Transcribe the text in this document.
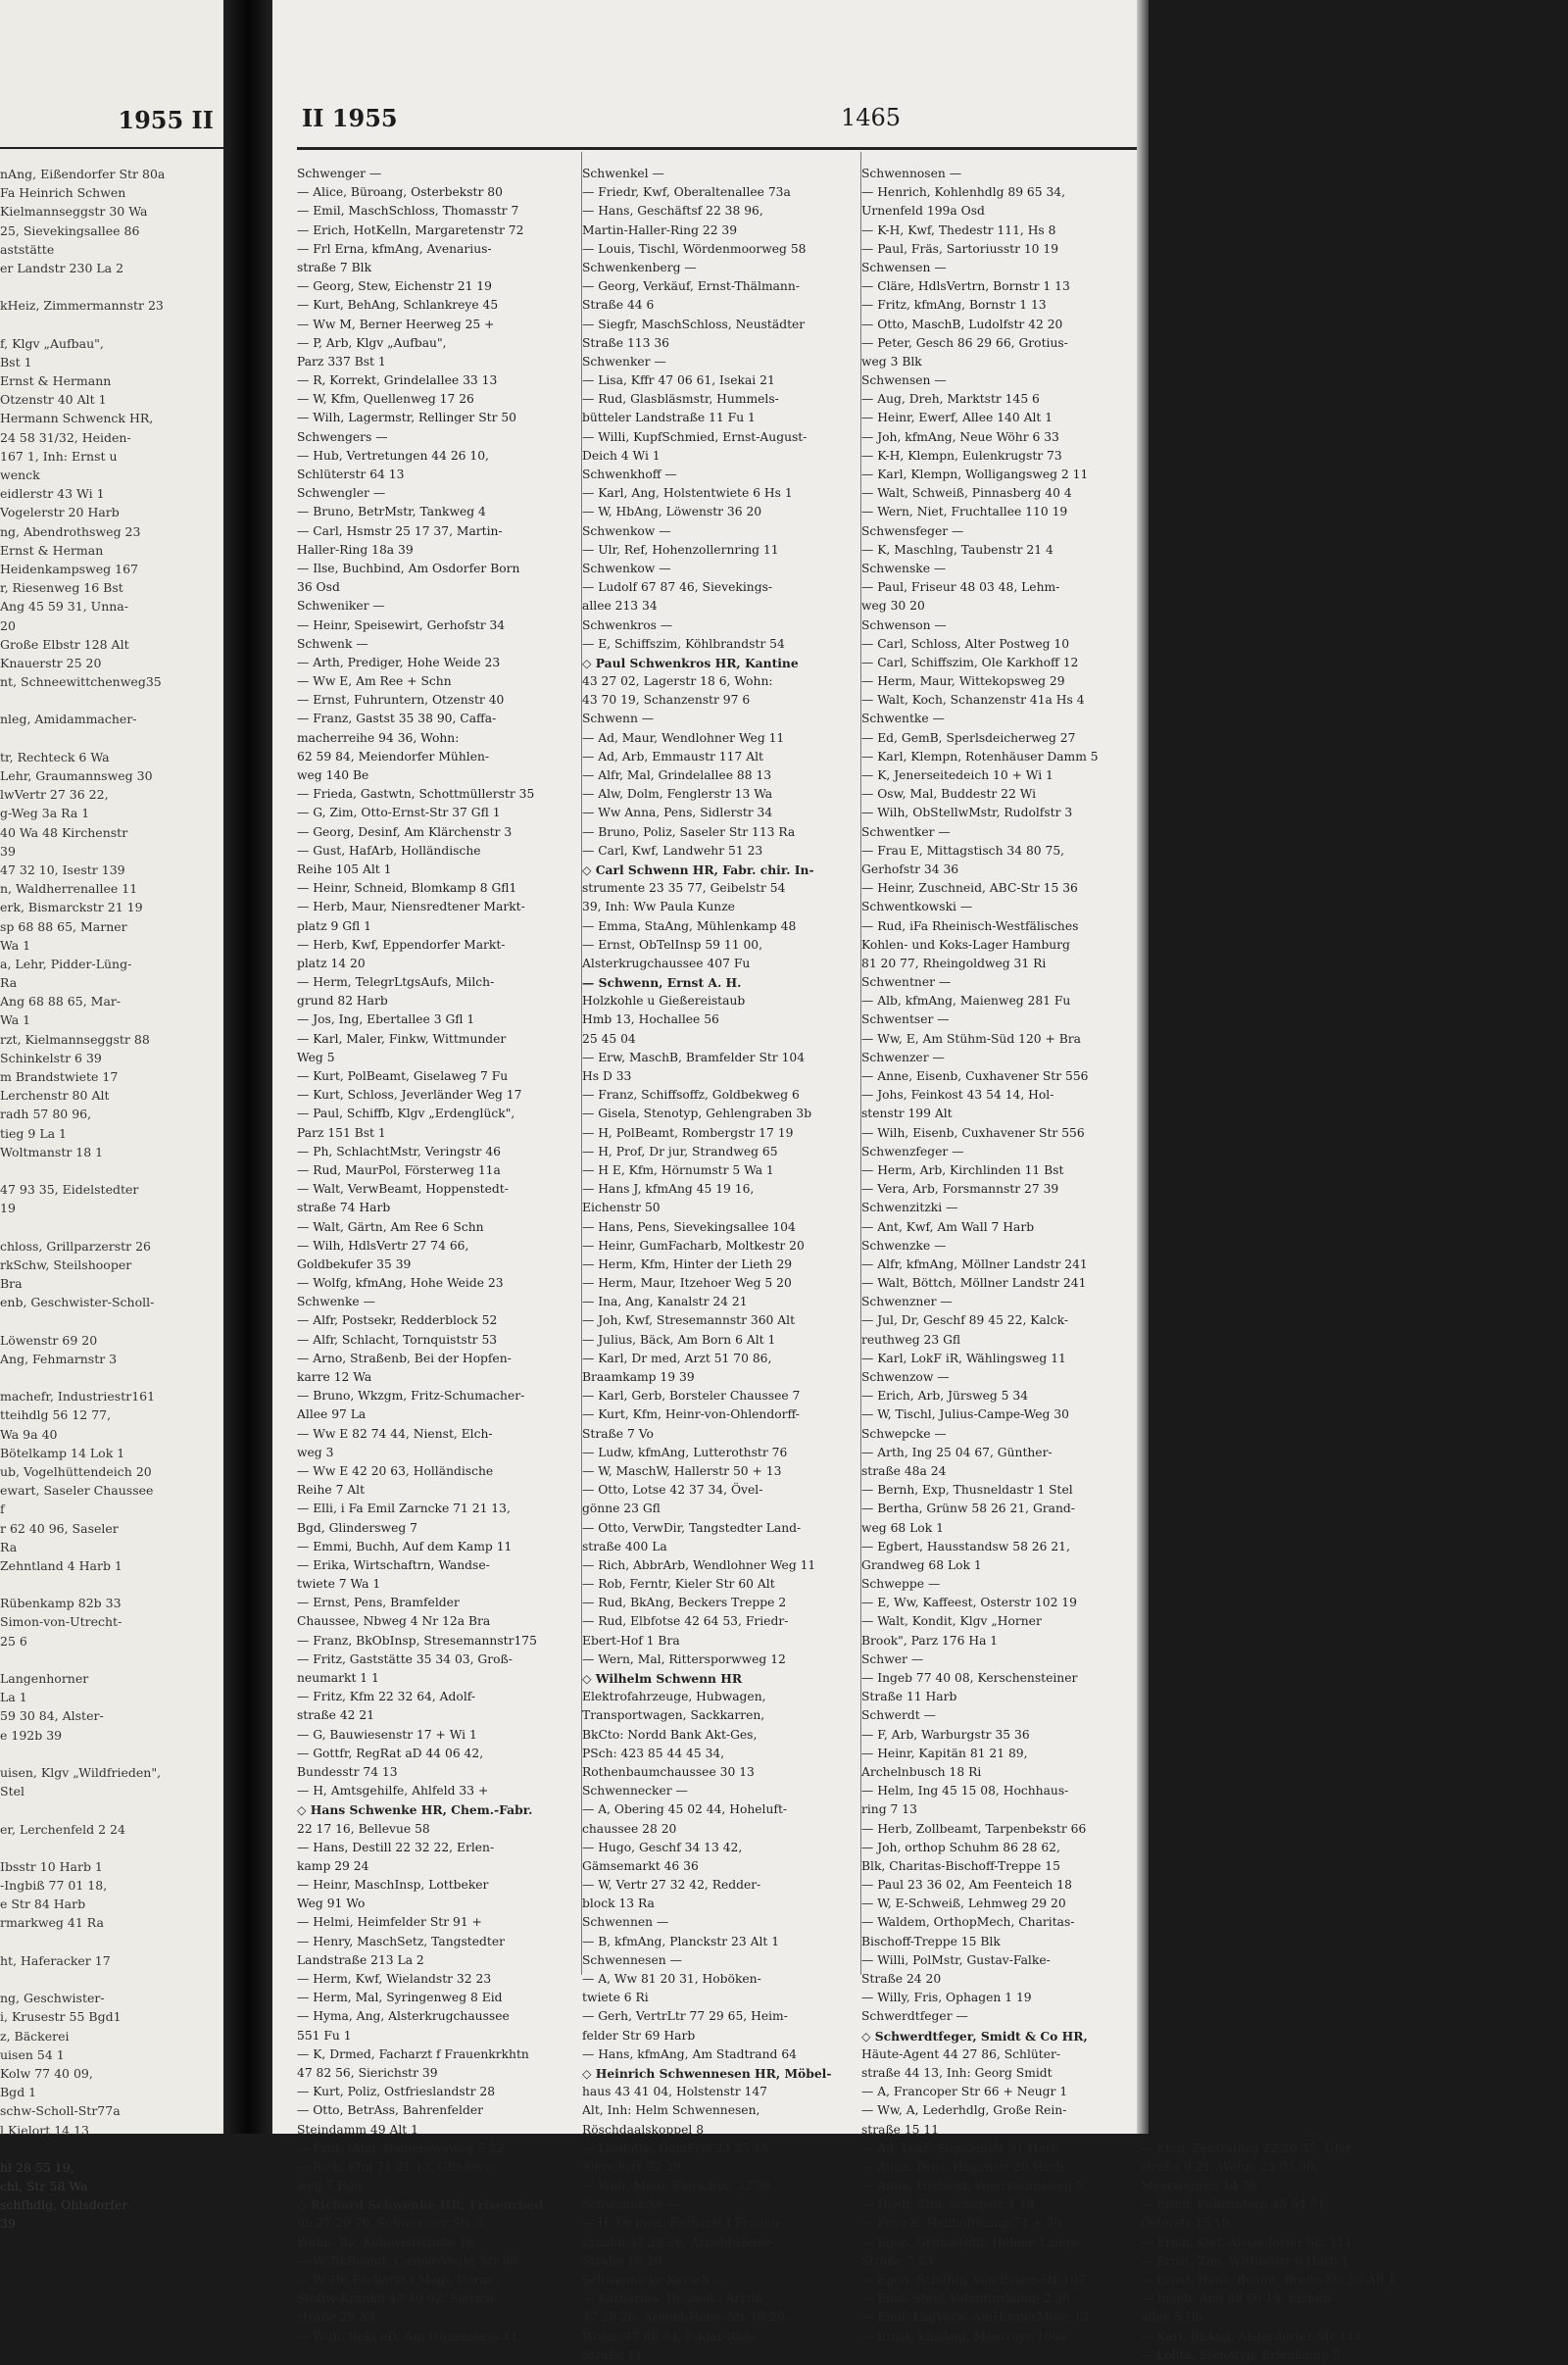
1955 II
nAng, Eißendorfer Str 80a
Fa Heinrich Schwen
Kielmannseggstr 30 Wa
25, Sievekingsallee 86
aststätte
er Landstr 230 La 2
kHeiz, Zimmermannstr 23
f, Klgv „Aufbau",
Bst 1
Ernst & Hermann
Otzenstr 40 Alt 1
Hermann Schwenck HR,
24 58 31/32, Heiden-
167 1, Inh: Ernst u
wenck
eidlerstr 43 Wi 1
Vogelerstr 20 Harb
ng, Abendrothsweg 23
Ernst & Herman
Heidenkampsweg 167
r, Riesenweg 16 Bst
Ang 45 59 31, Unna-
20
Große Elbstr 128 Alt
Knauerstr 25 20
nt, Schneewittchenweg35
nleg, Amidammacher-
tr, Rechteck 6 Wa
Lehr, Graumannsweg 30
lwVertr 27 36 22,
g-Weg 3a Ra 1
40 Wa 48 Kirchenstr
39
47 32 10, Isestr 139
n, Waldherrenallee 11
erk, Bismarckstr 21 19
sp 68 88 65, Marner
Wa 1
a, Lehr, Pidder-Lüng-
Ra
Ang 68 88 65, Mar-
Wa 1
rzt, Kielmannseggstr 88
Schinkelstr 6 39
m Brandstwiete 17
Lerchenstr 80 Alt
radh 57 80 96,
tieg 9 La 1
Woltmanstr 18 1
47 93 35, Eidelstedter
19
chloss, Grillparzerstr 26
rkSchw, Steilshooper
Bra
enb, Geschwister-Scholl-
Löwenstr 69 20
Ang, Fehmarnstr 3
machefr, Industriestr161
tteihdlg 56 12 77,
Wa 9a 40
Bötelkamp 14 Lok 1
ub, Vogelhüttendeich 20
ewart, Saseler Chaussee
f
r 62 40 96, Saseler
Ra
Zehntland 4 Harb 1
Rübenkamp 82b 33
Simon-von-Utrecht-
25 6
Langenhorner
La 1
59 30 84, Alster-
e 192b 39
uisen, Klgv „Wildfrieden",
Stel
er, Lerchenfeld 2 24
Ibsstr 10 Harb 1
-Ingbiß 77 01 18,
e Str 84 Harb
rmarkweg 41 Ra
ht, Haferacker 17
ng, Geschwister-
i, Krusestr 55 Bgd1
z, Bäckerei
uisen 54 1
Kolw 77 40 09,
Bgd 1
schw-Scholl-Str77a
l Kielort 14 13
hl 28 55 19,
chl, Str 58 Wa
schfhdlg, Ohlsdorfer
39
II 1955	1465
Schwenger —
— Alice, Büroang, Osterbekstr 80
— Emil, MaschSchloss, Thomasstr 7
— Erich, HotKelln, Margaretenstr 72
— Frl Erna, kfmAng, Avenarius-
straße 7 Blk
— Georg, Stew, Eichenstr 21 19
— Kurt, BehAng, Schlankreye 45
— Ww M, Berner Heerweg 25 +
— P, Arb, Klgv „Aufbau",
Parz 337 Bst 1
— R, Korrekt, Grindelallee 33 13
— W, Kfm, Quellenweg 17 26
— Wilh, Lagermstr, Rellinger Str 50
Schwengers —
— Hub, Vertretungen 44 26 10,
Schlüterstr 64 13
Schwengler —
— Bruno, BetrMstr, Tankweg 4
— Carl, Hsmstr 25 17 37, Martin-
Haller-Ring 18a 39
— Ilse, Buchbind, Am Osdorfer Born
36 Osd
Schweniker —
— Heinr, Speisewirt, Gerhofstr 34
Schwenk —
— Arth, Prediger, Hohe Weide 23
— Ww E, Am Ree + Schn
— Ernst, Fuhruntern, Otzenstr 40
— Franz, Gastst 35 38 90, Caffa-
macherreihe 94 36, Wohn:
62 59 84, Meiendorfer Mühlen-
weg 140 Be
— Frieda, Gastwtn, Schottmüllerstr 35
— G, Zim, Otto-Ernst-Str 37 Gfl 1
— Georg, Desinf, Am Klärchenstr 3
— Gust, HafArb, Holländische
Reihe 105 Alt 1
— Heinr, Schneid, Blomkamp 8 Gfl1
— Herb, Maur, Niensredtener Markt-
platz 9 Gfl 1
— Herb, Kwf, Eppendorfer Markt-
platz 14 20
— Herm, TelegrLtgsAufs, Milch-
grund 82 Harb
— Jos, Ing, Ebertallee 3 Gfl 1
— Karl, Maler, Finkw, Wittmunder
Weg 5
— Kurt, PolBeamt, Giselaweg 7 Fu
— Kurt, Schloss, Jeverländer Weg 17
— Paul, Schiffb, Klgv „Erdenglück",
Parz 151 Bst 1
— Ph, SchlachtMstr, Veringstr 46
— Rud, MaurPol, Försterweg 11a
— Walt, VerwBeamt, Hoppenstedt-
straße 74 Harb
— Walt, Gärtn, Am Ree 6 Schn
— Wilh, HdlsVertr 27 74 66,
Goldbekufer 35 39
— Wolfg, kfmAng, Hohe Weide 23
Schwenke —
— Alfr, Postsekr, Redderblock 52
— Alfr, Schlacht, Tornquiststr 53
— Arno, Straßenb, Bei der Hopfen-
karre 12 Wa
— Bruno, Wkzgm, Fritz-Schumacher-
Allee 97 La
— Ww E 82 74 44, Nienst, Elch-
weg 3
— Ww E 42 20 63, Holländische
Reihe 7 Alt
— Elli, i Fa Emil Zarncke 71 21 13,
Bgd, Glindersweg 7
— Emmi, Buchh, Auf dem Kamp 11
— Erika, Wirtschaftrn, Wandse-
twiete 7 Wa 1
— Ernst, Pens, Bramfelder
Chaussee, Nbweg 4 Nr 12a Bra
— Franz, BkObInsp, Stresemannstr175
— Fritz, Gaststätte 35 34 03, Groß-
neumarkt 1 1
— Fritz, Kfm 22 32 64, Adolf-
straße 42 21
— G, Bauwiesenstr 17 + Wi 1
— Gottfr, RegRat aD 44 06 42,
Bundesstr 74 13
— H, Amtsgehilfe, Ahlfeld 33 +
◇ Hans Schwenke HR, Chem.-Fabr.
22 17 16, Bellevue 58
— Hans, Destill 22 32 22, Erlen-
kamp 29 24
— Heinr, MaschInsp, Lottbeker
Weg 91 Wo
— Helmi, Heimfelder Str 91 +
— Henry, MaschSetz, Tangstedter
Landstraße 213 La 2
— Herm, Kwf, Wielandstr 32 23
— Herm, Mal, Syringenweg 8 Eid
— Hyma, Ang, Alsterkrugchaussee
551 Fu 1
— K, Drmed, Facharzt f Frauenkrkhtn
47 82 56, Sierichstr 39
— Kurt, Poliz, Ostfrieslandstr 28
— Otto, BetrAss, Bahrenfelder
Steindamm 49 Alt 1
— Paul, tAng, Damerowsweg 5 22
— Rich, Kfm 71 21 13, Glinders-
weg 7 Bgd
◇ Richard Schwenke HR, Friseurbed
üb 27 20 76, Schweriner Str 3,
Wohn: Ra, Kohövedstraße 18
— W, BkBeamt, Caspar-Voght-Str 80
— W, Dr, Facharzt f Mag-, Darm-,
Stoffw-Krankh 47 40 92, Sierich-
straße 29 39
— Wilh, Rekt eD, Am Hünenstein 11
Schwenkel —
— Friedr, Kwf, Oberaltenallee 73a
— Hans, Geschäftsf 22 38 96,
Martin-Haller-Ring 22 39
— Louis, Tischl, Wördenmoorweg 58
Schwenkenberg —
— Georg, Verkäuf, Ernst-Thälmann-
Straße 44 6
— Siegfr, MaschSchloss, Neustädter
Straße 113 36
Schwenker —
— Lisa, Kffr 47 06 61, Isekai 21
— Rud, Glasbläsmstr, Hummels-
bütteler Landstraße 11 Fu 1
— Willi, KupfSchmied, Ernst-August-
Deich 4 Wi 1
Schwenkhoff —
— Karl, Ang, Holstentwiete 6 Hs 1
— W, HbAng, Löwenstr 36 20
Schwenkow —
— Ulr, Ref, Hohenzollernring 11
Schwenkow —
— Ludolf 67 87 46, Sievekings-
allee 213 34
Schwenkros —
— E, Schiffszim, Köhlbrandstr 54
◇ Paul Schwenkros HR, Kantine
43 27 02, Lagerstr 18 6, Wohn:
43 70 19, Schanzenstr 97 6
Schwenn —
— Ad, Maur, Wendlohner Weg 11
— Ad, Arb, Emmaustr 117 Alt
— Alfr, Mal, Grindelallee 88 13
— Alw, Dolm, Fenglerstr 13 Wa
— Ww Anna, Pens, Sidlerstr 34
— Bruno, Poliz, Saseler Str 113 Ra
— Carl, Kwf, Landwehr 51 23
◇ Carl Schwenn HR, Fabr. chir. In-
strumente 23 35 77, Geibelstr 54
39, Inh: Ww Paula Kunze
— Emma, StaAng, Mühlenkamp 48
— Ernst, ObTelInsp 59 11 00,
Alsterkrugchaussee 407 Fu
— Schwenn, Ernst A. H.
Holzkohle u Gießereistaub
Hmb 13, Hochallee 56
25 45 04
— Erw, MaschB, Bramfelder Str 104
Hs D 33
— Franz, Schiffsoffz, Goldbekweg 6
— Gisela, Stenotyp, Gehlengraben 3b
— H, PolBeamt, Rombergstr 17 19
— H, Prof, Dr jur, Strandweg 65
— H E, Kfm, Hörnumstr 5 Wa 1
— Hans J, kfmAng 45 19 16,
Eichenstr 50
— Hans, Pens, Sievekingsallee 104
— Heinr, GumFacharb, Moltkestr 20
— Herm, Kfm, Hinter der Lieth 29
— Herm, Maur, Itzehoer Weg 5 20
— Ina, Ang, Kanalstr 24 21
— Joh, Kwf, Stresemannstr 360 Alt
— Julius, Bäck, Am Born 6 Alt 1
— Karl, Dr med, Arzt 51 70 86,
Braamkamp 19 39
— Karl, Gerb, Borsteler Chaussee 7
— Kurt, Kfm, Heinr-von-Ohlendorff-
Straße 7 Vo
— Ludw, kfmAng, Lutterothstr 76
— W, MaschW, Hallerstr 50 + 13
— Otto, Lotse 42 37 34, Övel-
gönne 23 Gfl
— Otto, VerwDir, Tangstedter Land-
straße 400 La
— Rich, AbbrArb, Wendlohner Weg 11
— Rob, Ferntr, Kieler Str 60 Alt
— Rud, BkAng, Beckers Treppe 2
— Rud, Elbfotse 42 64 53, Friedr-
Ebert-Hof 1 Bra
— Wern, Mal, Rittersporwweg 12
◇ Wilhelm Schwenn HR
Elektrofahrzeuge, Hubwagen,
Transportwagen, Sackkarren,
BkCto: Nordd Bank Akt-Ges,
PSch: 423 85 44 45 34,
Rothenbaumchaussee 30 13
Schwennecker —
— A, Obering 45 02 44, Hoheluft-
chaussee 28 20
— Hugo, Geschf 34 13 42,
Gämsemarkt 46 36
— W, Vertr 27 32 42, Redder-
block 13 Ra
Schwennen —
— B, kfmAng, Planckstr 23 Alt 1
Schwennesen —
— A, Ww 81 20 31, Hoböken-
twiete 6 Ri
— Gerh, VertrLtr 77 29 65, Heim-
felder Str 69 Harb
— Hans, kfmAng, Am Stadtrand 64
◇ Heinrich Schwennesen HR, Möbel-
haus 43 41 04, Holstenstr 147
Alt, Inh: Helm Schwennesen,
Röschdaalskoppel 8
— Liselotte, DamFris 23 25 15,
Sierichstr 32 39
— Wilh, Maur, Sierichstr 32 39
Schwennicke —
— H, Dr med, Facharzt f Frauen-
krankh 47 28 26, Arnold-Heise-
Straße 18 20
Schwennicke-Karsch —
— Katharina, Dr. med., Ärztin
47 28 26, Arnold-Heise-Str 18 20,
Wohn: 47 88 84, Edgar-Roß-
Straße 11
Schwennosen —
— Henrich, Kohlenhdlg 89 65 34,
Urnenfeld 199a Osd
— K-H, Kwf, Thedestr 111, Hs 8
— Paul, Fräs, Sartoriusstr 10 19
Schwensen —
— Cläre, HdlsVertrn, Bornstr 1 13
— Fritz, kfmAng, Bornstr 1 13
— Otto, MaschB, Ludolfstr 42 20
— Peter, Gesch 86 29 66, Grotius-
weg 3 Blk
Schwensen —
— Aug, Dreh, Marktstr 145 6
— Heinr, Ewerf, Allee 140 Alt 1
— Joh, kfmAng, Neue Wöhr 6 33
— K-H, Klempn, Eulenkrugstr 73
— Karl, Klempn, Wolligangsweg 2 11
— Walt, Schweiß, Pinnasberg 40 4
— Wern, Niet, Fruchtallee 110 19
Schwensfeger —
— K, Maschlng, Taubenstr 21 4
Schwenske —
— Paul, Friseur 48 03 48, Lehm-
weg 30 20
Schwenson —
— Carl, Schloss, Alter Postweg 10
— Carl, Schiffszim, Ole Karkhoff 12
— Herm, Maur, Wittekopsweg 29
— Walt, Koch, Schanzenstr 41a Hs 4
Schwentke —
— Ed, GemB, Sperlsdeicherweg 27
— Karl, Klempn, Rotenhäuser Damm 5
— K, Jenerseitedeich 10 + Wi 1
— Osw, Mal, Buddestr 22 Wi
— Wilh, ObStellwMstr, Rudolfstr 3
Schwentker —
— Frau E, Mittagstisch 34 80 75,
Gerhofstr 34 36
— Heinr, Zuschneid, ABC-Str 15 36
Schwentkowski —
— Rud, iFa Rheinisch-Westfälisches
Kohlen- und Koks-Lager Hamburg
81 20 77, Rheingoldweg 31 Ri
Schwentner —
— Alb, kfmAng, Maienweg 281 Fu
Schwentser —
— Ww, E, Am Stühm-Süd 120 + Bra
Schwenzer —
— Anne, Eisenb, Cuxhavener Str 556
— Johs, Feinkost 43 54 14, Hol-
stenstr 199 Alt
— Wilh, Eisenb, Cuxhavener Str 556
Schwenzfeger —
— Herm, Arb, Kirchlinden 11 Bst
— Vera, Arb, Forsmannstr 27 39
Schwenzitzki —
— Ant, Kwf, Am Wall 7 Harb
Schwenzke —
— Alfr, kfmAng, Möllner Landstr 241
— Walt, Böttch, Möllner Landstr 241
Schwenzner —
— Jul, Dr, Geschf 89 45 22, Kalck-
reuthweg 23 Gfl
— Karl, LokF iR, Wählingsweg 11
Schwenzow —
— Erich, Arb, Jürsweg 5 34
— W, Tischl, Julius-Campe-Weg 30
Schwepcke —
— Arth, Ing 25 04 67, Günther-
straße 48a 24
— Bernh, Exp, Thusneldastr 1 Stel
— Bertha, Grünw 58 26 21, Grand-
weg 68 Lok 1
— Egbert, Hausstandsw 58 26 21,
Grandweg 68 Lok 1
Schweppe —
— E, Ww, Kaffeest, Osterstr 102 19
— Walt, Kondit, Klgv „Horner
Brook", Parz 176 Ha 1
Schwer —
— Ingeb 77 40 08, Kerschensteiner
Straße 11 Harb
Schwerdt —
— F, Arb, Warburgstr 35 36
— Heinr, Kapitän 81 21 89,
Archelnbusch 18 Ri
— Helm, Ing 45 15 08, Hochhaus-
ring 7 13
— Herb, Zollbeamt, Tarpenbekstr 66
— Joh, orthop Schuhm 86 28 62,
Blk, Charitas-Bischoff-Treppe 15
— Paul 23 36 02, Am Feenteich 18
— W, E-Schweiß, Lehmweg 29 20
— Waldem, OrthopMech, Charitas-
Bischoff-Treppe 15 Blk
— Willi, PolMstr, Gustav-Falke-
Straße 24 20
— Willy, Fris, Ophagen 1 19
Schwerdtfeger —
◇ Schwerdtfeger, Smidt & Co HR,
Häute-Agent 44 27 86, Schlüter-
straße 44 13, Inh: Georg Smidt
— A, Francoper Str 66 + Neugr 1
— Ww, A, Lederhdlg, Große Rein-
straße 15 11
— Ad, LokF, Sophienstr 31 Harb
— Anna, Pens, Hagenstr 20 Harb
— Anne, Postsekr, Woermannsweg 5
— Diedr, Zim, Schopstr 4 19
— Frau E, Heilholtkamp 74 + 39
— Egon, GrünwHdlr, Helene-Lange-
Straße 7 23
— Egon, Schuhm, von-Essen-Str 107
— Emil, Stew, Valentinskamp 2 36
— Emil, LagVerw, AmHornerMoor 13
— Ernst, kfmAng, Moorreye 108a
— Emil, Zentralhzg 22 20 35, Ufer-
straße 9 21, Wohn: 23 03 90,
Meerweinstr 14 39
— Erich, Fuhruntern 45 54 71,
Osterstr 15 19
— Erich, Kwf, Alsterdorfer Str 111
— Ernst, Zim, Wittingstr 6 Harb 1
— Ernst, Hans, Beamt, Breite Str 56 Alt 1
— Ingeb, Ang 89 66 14, Eichen-
allee 5 Ho
— Karl, BkAng, Alsterdorfer Str 111
— Lolita, Stenotyp, Erlenkamp 5
